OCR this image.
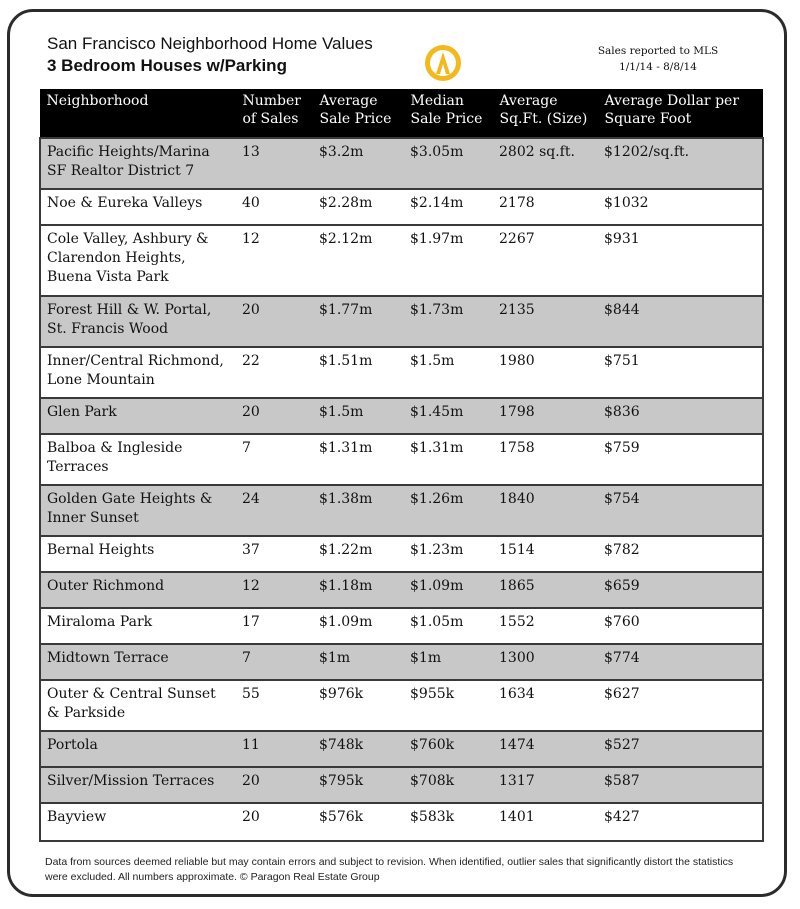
San Francisco Neighborhood Home Values
3 Bedroom Houses w/Parking
Sales reported to MLS
1/1/14 - 8/8/14
Neighborhood	Number of Sales	Average Sale Price	Median Sale Price	Average Sq.Ft. (Size)	Average Dollar per Square Foot
Pacific Heights/Marina SF Realtor District 7	13	$3.2m	$3.05m	2802 sq.ft.	$1202/sq.ft.
Noe & Eureka Valleys	40	$2.28m	$2.14m	2178	$1032
Cole Valley, Ashbury & Clarendon Heights, Buena Vista Park	12	$2.12m	$1.97m	2267	$931
Forest Hill & W. Portal, St. Francis Wood	20	$1.77m	$1.73m	2135	$844
Inner/Central Richmond, Lone Mountain	22	$1.51m	$1.5m	1980	$751
Glen Park	20	$1.5m	$1.45m	1798	$836
Balboa & Ingleside Terraces	7	$1.31m	$1.31m	1758	$759
Golden Gate Heights & Inner Sunset	24	$1.38m	$1.26m	1840	$754
Bernal Heights	37	$1.22m	$1.23m	1514	$782
Outer Richmond	12	$1.18m	$1.09m	1865	$659
Miraloma Park	17	$1.09m	$1.05m	1552	$760
Midtown Terrace	7	$1m	$1m	1300	$774
Outer & Central Sunset & Parkside	55	$976k	$955k	1634	$627
Portola	11	$748k	$760k	1474	$527
Silver/Mission Terraces	20	$795k	$708k	1317	$587
Bayview	20	$576k	$583k	1401	$427
Data from sources deemed reliable but may contain errors and subject to revision. When identified, outlier sales that significantly distort the statistics were excluded. All numbers approximate. © Paragon Real Estate Group
